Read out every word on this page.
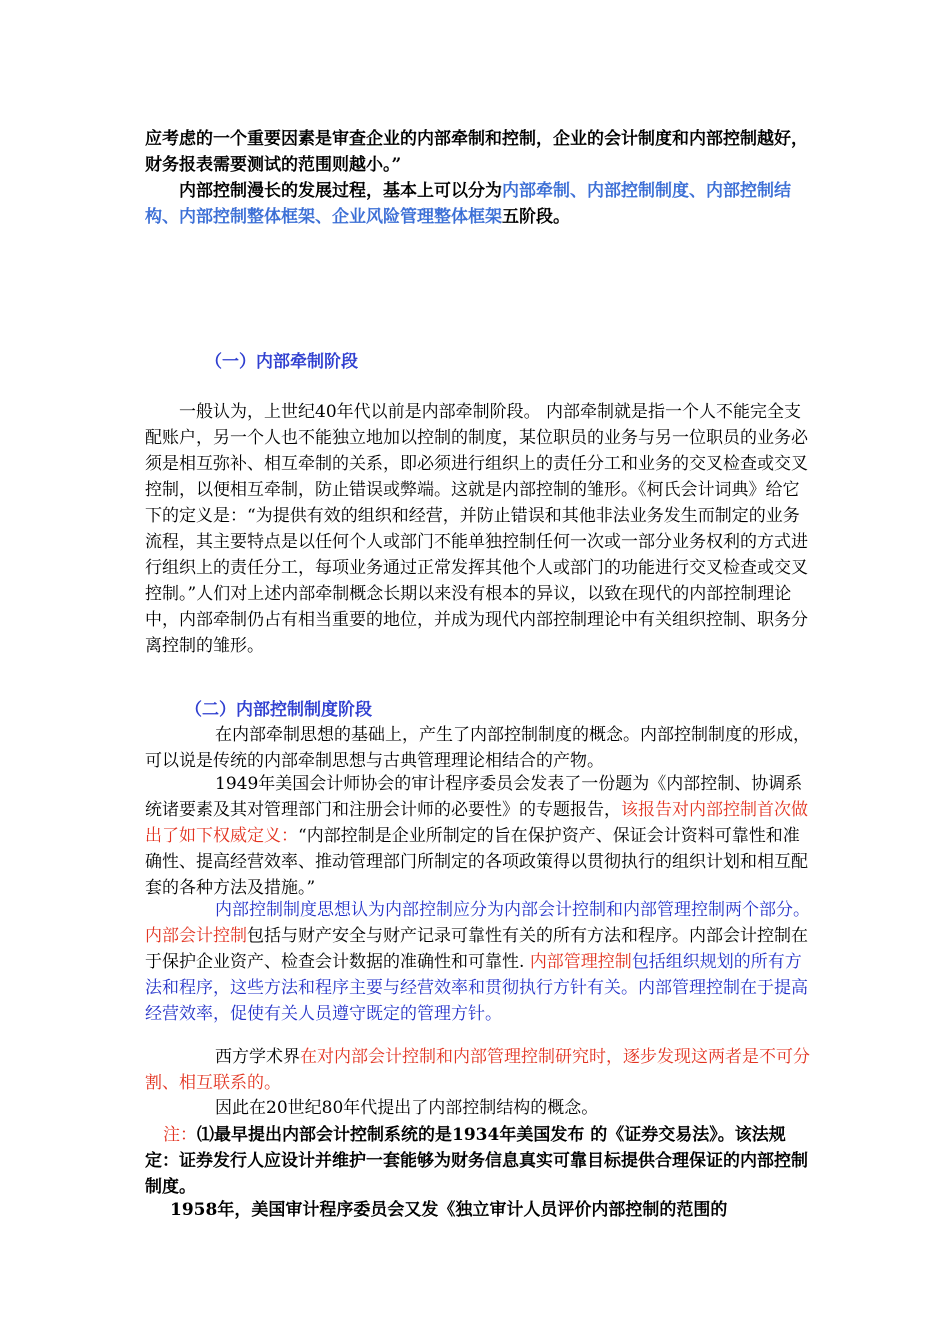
应考虑的一个重要因素是审查企业的内部牵制和控制，企业的会计制度和内部控制越好，财务报表需要测试的范围则越小。”
内部控制漫长的发展过程，基本上可以分为内部牵制、内部控制制度、内部控制结构、内部控制整体框架、企业风险管理整体框架五阶段。
（一）内部牵制阶段
一般认为，上世纪40年代以前是内部牵制阶段。 内部牵制就是指一个人不能完全支配账户，另一个人也不能独立地加以控制的制度，某位职员的业务与另一位职员的业务必须是相互弥补、相互牵制的关系，即必须进行组织上的责任分工和业务的交叉检查或交叉控制，以便相互牵制，防止错误或弊端。这就是内部控制的雏形。《柯氏会计词典》给它下的定义是：“为提供有效的组织和经营，并防止错误和其他非法业务发生而制定的业务流程，其主要特点是以任何个人或部门不能单独控制任何一次或一部分业务权利的方式进行组织上的责任分工，每项业务通过正常发挥其他个人或部门的功能进行交叉检查或交叉控制。”人们对上述内部牵制概念长期以来没有根本的异议，以致在现代的内部控制理论中，内部牵制仍占有相当重要的地位，并成为现代内部控制理论中有关组织控制、职务分离控制的雏形。
（二）内部控制制度阶段
在内部牵制思想的基础上，产生了内部控制制度的概念。内部控制制度的形成，可以说是传统的内部牵制思想与古典管理理论相结合的产物。
1949年美国会计师协会的审计程序委员会发表了一份题为《内部控制、协调系统诸要素及其对管理部门和注册会计师的必要性》的专题报告，该报告对内部控制首次做出了如下权威定义：“内部控制是企业所制定的旨在保护资产、保证会计资料可靠性和准确性、提高经营效率、推动管理部门所制定的各项政策得以贯彻执行的组织计划和相互配套的各种方法及措施。”
内部控制制度思想认为内部控制应分为内部会计控制和内部管理控制两个部分。内部会计控制包括与财产安全与财产记录可靠性有关的所有方法和程序。内部会计控制在于保护企业资产、检查会计数据的准确性和可靠性. 内部管理控制包括组织规划的所有方法和程序，这些方法和程序主要与经营效率和贯彻执行方针有关。内部管理控制在于提高经营效率，促使有关人员遵守既定的管理方针。
西方学术界在对内部会计控制和内部管理控制研究时，逐步发现这两者是不可分割、相互联系的。
因此在20世纪80年代提出了内部控制结构的概念。
注：⑴最早提出内部会计控制系统的是1934年美国发布 的《证券交易法》。该法规定：证券发行人应设计并维护一套能够为财务信息真实可靠目标提供合理保证的内部控制制度。
1958年，美国审计程序委员会又发《独立审计人员评价内部控制的范围的
